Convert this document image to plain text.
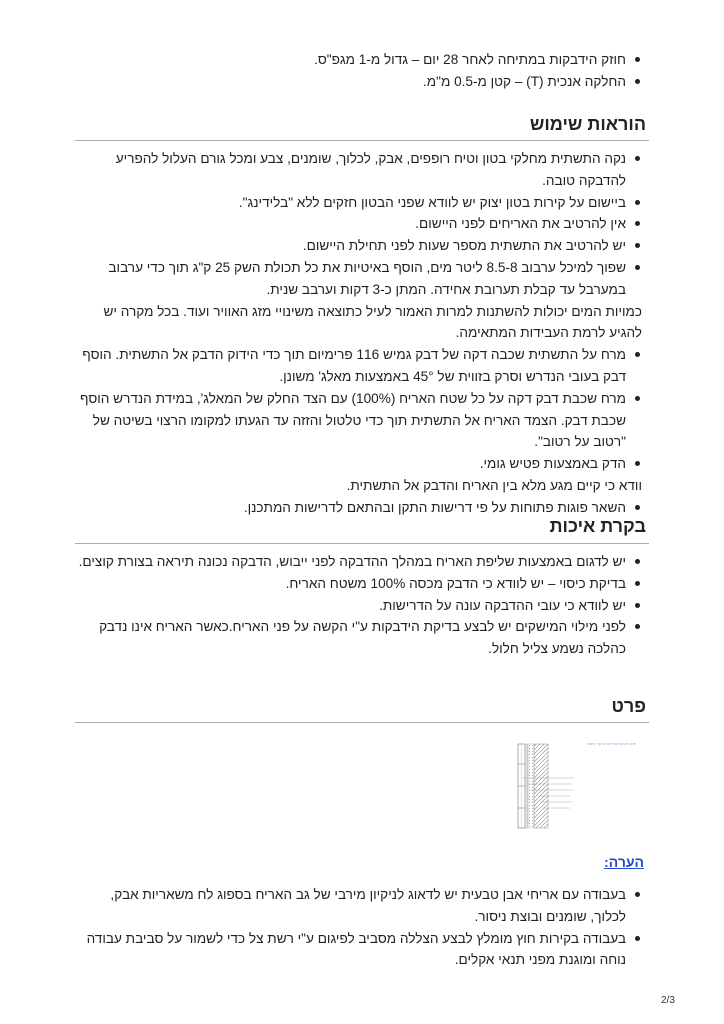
חוזק הידבקות במתיחה לאחר 28 יום – גדול מ-1 מגפ"ס.
החלקה אנכית (T) – קטן מ-0.5 מ"מ.
הוראות שימוש
נקה התשתית מחלקי בטון וטיח רופפים, אבק, לכלוך, שומנים, צבע ומכל גורם העלול להפריע להדבקה טובה.
ביישום על קירות בטון יצוק יש לוודא שפני הבטון חזקים ללא "בלידינג".
אין להרטיב את האריחים לפני היישום.
יש להרטיב את התשתית מספר שעות לפני תחילת היישום.
שפוך למיכל ערבוב 8.5-8 ליטר מים, הוסף באיטיות את כל תכולת השק 25 ק"ג תוך כדי ערבוב במערבל עד קבלת תערובת אחידה. המתן כ-3 דקות וערבב שנית.
כמויות המים יכולות להשתנות למרות האמור לעיל כתוצאה משינויי מזג האוויר ועוד. בכל מקרה יש להגיע לרמת העבידות המתאימה.
מרח על התשתית שכבה דקה של דבק גמיש 116 פרימיום תוך כדי הידוק הדבק אל התשתית. הוסף דבק בעובי הנדרש וסרק בזווית של 45° באמצעות מאלג' משונן.
מרח שכבת דבק דקה על כל שטח האריח (100%) עם הצד החלק של המאלג', במידת הנדרש הוסף שכבת דבק. הצמד האריח אל התשתית תוך כדי טלטול והזזה עד הגעתו למקומו הרצוי בשיטה של "רטוב על רטוב".
הדק באמצעות פטיש גומי.
וודא כי קיים מגע מלא בין האריח והדבק אל התשתית.
השאר פוגות פתוחות על פי דרישות התקן ובהתאם לדרישות המתכנן.
בקרת איכות
יש לדגום באמצעות שליפת האריח במהלך ההדבקה לפני ייבוש, הדבקה נכונה תיראה בצורת קוצים.
בדיקת כיסוי – יש לוודא כי הדבק מכסה 100% משטח האריח.
יש לוודא כי עובי ההדבקה עונה על הדרישות.
לפני מילוי המישקים יש לבצע בדיקת הידבקות ע"י הקשה על פני האריח.כאשר האריח אינו נדבק כהלכה נשמע צליל חלול.
פרט
פרט הדבקת אריחים על קיר חיצוני
הערה:
בעבודה עם אריחי אבן טבעית יש לדאוג לניקיון מירבי של גב האריח בספוג לח משאריות אבק, לכלוך, שומנים ובוצת ניסור.
בעבודה בקירות חוץ מומלץ לבצע הצללה מסביב לפיגום ע"י רשת צל כדי לשמור על סביבת עבודה נוחה ומוגנת מפני תנאי אקלים.
2/3
